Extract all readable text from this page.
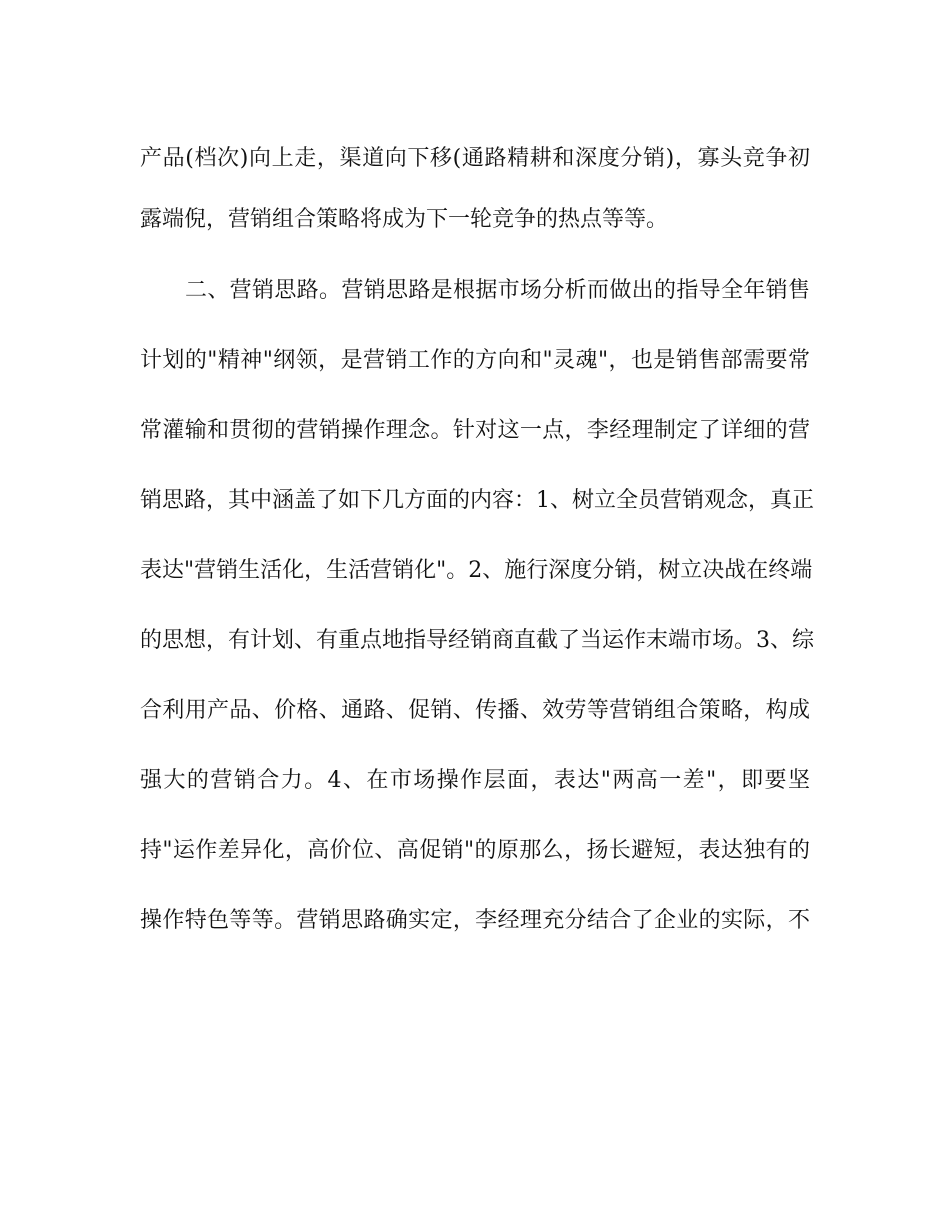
产品(档次)向上走，渠道向下移(通路精耕和深度分销)，寡头竞争初
露端倪，营销组合策略将成为下一轮竞争的热点等等。
二、营销思路。营销思路是根据市场分析而做出的指导全年销售
计划的"精神"纲领，是营销工作的方向和"灵魂"，也是销售部需要常
常灌输和贯彻的营销操作理念。针对这一点，李经理制定了详细的营
销思路，其中涵盖了如下几方面的内容：1、树立全员营销观念，真正
表达"营销生活化，生活营销化"。2、施行深度分销，树立决战在终端
的思想，有计划、有重点地指导经销商直截了当运作末端市场。3、综
合利用产品、价格、通路、促销、传播、效劳等营销组合策略，构成
强大的营销合力。4、在市场操作层面，表达"两高一差"，即要坚
持"运作差异化，高价位、高促销"的原那么，扬长避短，表达独有的
操作特色等等。营销思路确实定，李经理充分结合了企业的实际，不
